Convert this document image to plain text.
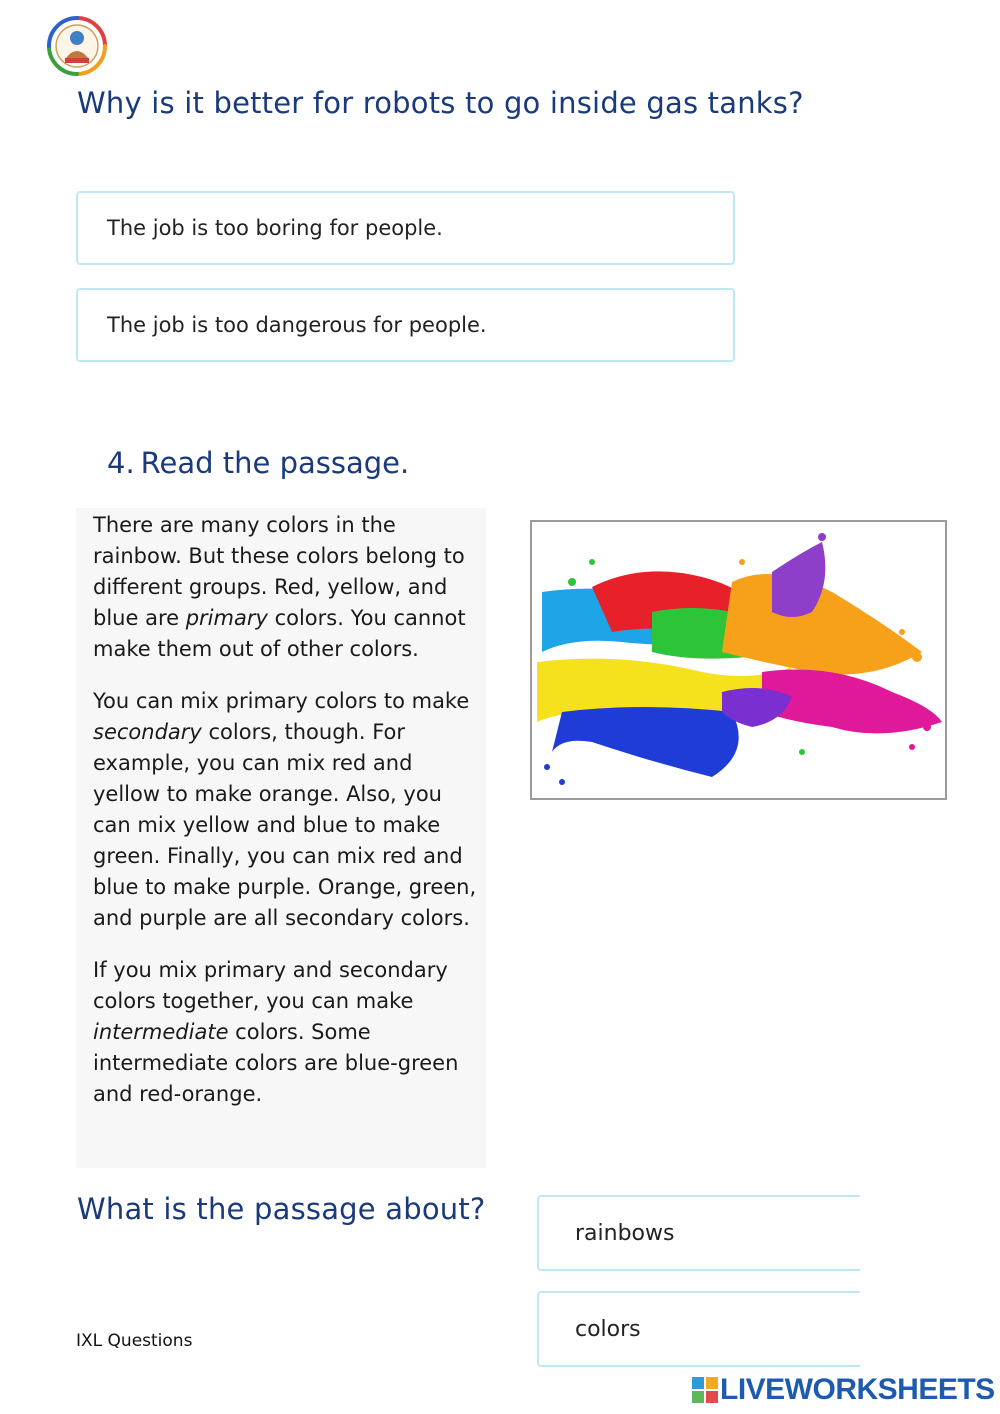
Why is it better for robots to go inside gas tanks?
The job is too boring for people.
The job is too dangerous for people.
4. Read the passage.

There are many colors in the rainbow. But these colors belong to different groups. Red, yellow, and blue are primary colors. You cannot make them out of other colors.

You can mix primary colors to make secondary colors, though. For example, you can mix red and yellow to make orange. Also, you can mix yellow and blue to make green. Finally, you can mix red and blue to make purple. Orange, green, and purple are all secondary colors.

If you mix primary and secondary colors together, you can make intermediate colors. Some intermediate colors are blue-green and red-orange.

What is the passage about?
rainbows
colors
IXL Questions
LIVEWORKSHEETS
